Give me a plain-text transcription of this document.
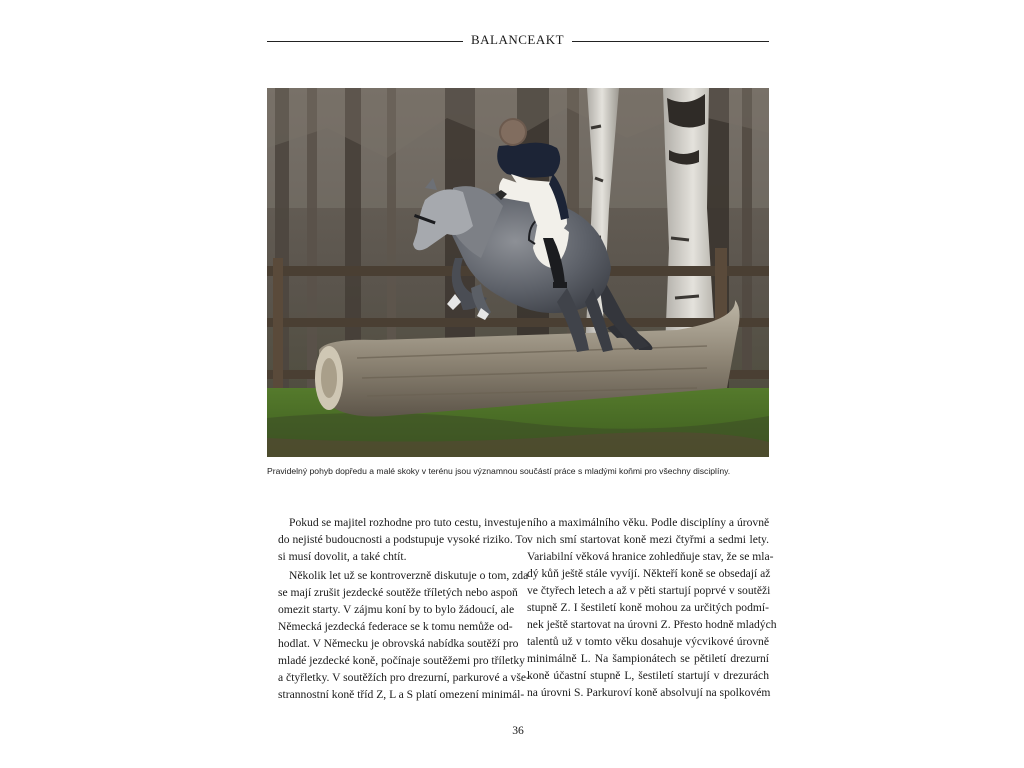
BALANCEAKT
Pravidelný pohyb dopředu a malé skoky v terénu jsou významnou součástí práce s mladými koňmi pro všechny disciplíny.

Pokud se majitel rozhodne pro tuto cestu, investuje
do nejisté budoucnosti a podstupuje vysoké riziko. To
si musí dovolit, a také chtít.

Několik let už se kontroverzně diskutuje o tom, zda
se mají zrušit jezdecké soutěže tříletých nebo aspoň
omezit starty. V zájmu koní by to bylo žádoucí, ale
Německá jezdecká federace se k tomu nemůže od-
hodlat. V Německu je obrovská nabídka soutěží pro
mladé jezdecké koně, počínaje soutěžemi pro tříletky
a čtyřletky. V soutěžích pro drezurní, parkurové a vše-
strannostní koně tříd Z, L a S platí omezení minimál-

ního a maximálního věku. Podle disciplíny a úrovně
v nich smí startovat koně mezi čtyřmi a sedmi lety.
Variabilní věková hranice zohledňuje stav, že se mla-
dý kůň ještě stále vyvíjí. Někteří koně se obsedají až
ve čtyřech letech a až v pěti startují poprvé v soutěži
stupně Z. I šestiletí koně mohou za určitých podmí-
nek ještě startovat na úrovni Z. Přesto hodně mladých
talentů už v tomto věku dosahuje výcvikové úrovně
minimálně L. Na šampionátech se pětiletí drezurní
koně účastní stupně L, šestiletí startují v drezurách
na úrovni S. Parkuroví koně absolvují na spolkovém
36
